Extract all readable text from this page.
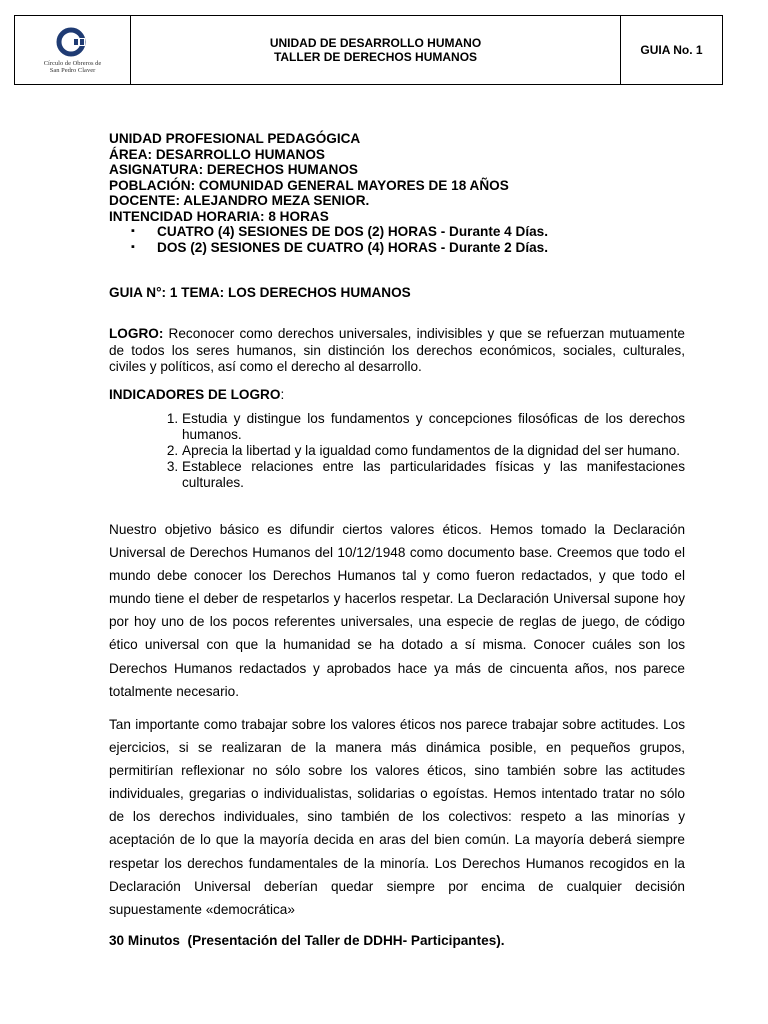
Círculo de Obreros de
San Pedro Claver
UNIDAD DE DESARROLLO HUMANO
TALLER DE DERECHOS HUMANOS	GUIA No. 1
UNIDAD PROFESIONAL PEDAGÓGICA
ÁREA: DESARROLLO HUMANOS
ASIGNATURA: DERECHOS HUMANOS
POBLACIÓN: COMUNIDAD GENERAL MAYORES DE 18 AÑOS
DOCENTE: ALEJANDRO MEZA SENIOR.
INTENCIDAD HORARIA: 8 HORAS
▪ CUATRO (4) SESIONES DE DOS (2) HORAS - Durante 4 Días.
▪ DOS (2) SESIONES DE CUATRO (4) HORAS - Durante 2 Días.
GUIA N°: 1 TEMA: LOS DERECHOS HUMANOS
LOGRO: Reconocer como derechos universales, indivisibles y que se refuerzan mutuamente de todos los seres humanos, sin distinción los derechos económicos, sociales, culturales, civiles y políticos, así como el derecho al desarrollo.
INDICADORES DE LOGRO:
1. Estudia y distingue los fundamentos y concepciones filosóficas de los derechos humanos.
2. Aprecia la libertad y la igualdad como fundamentos de la dignidad del ser humano.
3. Establece relaciones entre las particularidades físicas y las manifestaciones culturales.
Nuestro objetivo básico es difundir ciertos valores éticos. Hemos tomado la Declaración Universal de Derechos Humanos del 10/12/1948 como documento base. Creemos que todo el mundo debe conocer los Derechos Humanos tal y como fueron redactados, y que todo el mundo tiene el deber de respetarlos y hacerlos respetar. La Declaración Universal supone hoy por hoy uno de los pocos referentes universales, una especie de reglas de juego, de código ético universal con que la humanidad se ha dotado a sí misma. Conocer cuáles son los Derechos Humanos redactados y aprobados hace ya más de cincuenta años, nos parece totalmente necesario.
Tan importante como trabajar sobre los valores éticos nos parece trabajar sobre actitudes. Los ejercicios, si se realizaran de la manera más dinámica posible, en pequeños grupos, permitirían reflexionar no sólo sobre los valores éticos, sino también sobre las actitudes individuales, gregarias o individualistas, solidarias o egoístas. Hemos intentado tratar no sólo de los derechos individuales, sino también de los colectivos: respeto a las minorías y aceptación de lo que la mayoría decida en aras del bien común. La mayoría deberá siempre respetar los derechos fundamentales de la minoría. Los Derechos Humanos recogidos en la Declaración Universal deberían quedar siempre por encima de cualquier decisión supuestamente «democrática»
30 Minutos  (Presentación del Taller de DDHH- Participantes).
